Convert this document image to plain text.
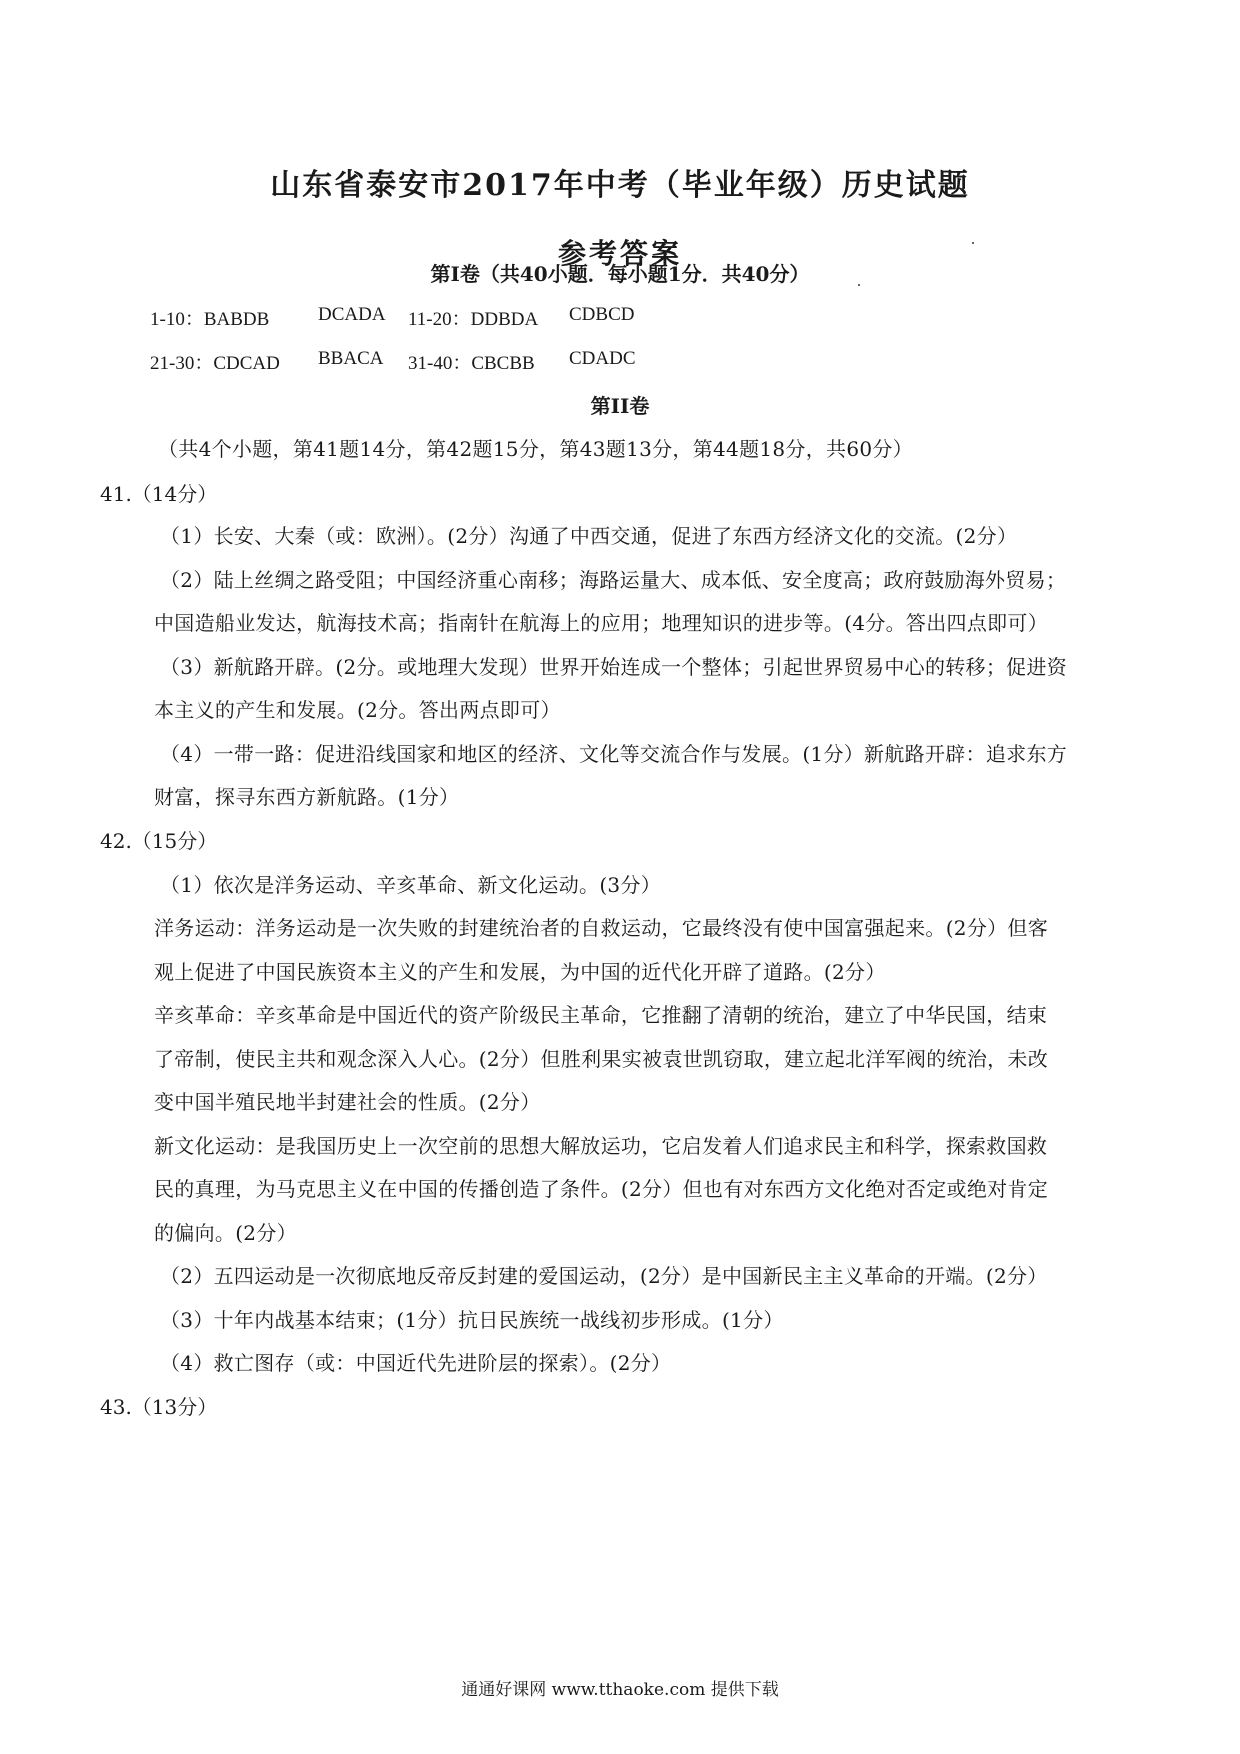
山东省泰安市2017年中考（毕业年级）历史试题
参考答案
第I卷（共40小题．每小题1分．共40分）
1-10：BABDB	DCADA 11-20：DDBDA CDBCD
21-30：CDCAD BBACA 31-40：CBCBB CDADC
第II卷
（共4个小题，第41题14分，第42题15分，第43题13分，第44题18分，共60分）
41.（14分）
（1）长安、大秦（或：欧洲）。(2分）沟通了中西交通，促进了东西方经济文化的交流。(2分）
（2）陆上丝绸之路受阻；中国经济重心南移；海路运量大、成本低、安全度高；政府鼓励海外贸易；
中国造船业发达，航海技术高；指南针在航海上的应用；地理知识的进步等。(4分。答出四点即可）
（3）新航路开辟。(2分。或地理大发现）世界开始连成一个整体；引起世界贸易中心的转移；促进资
本主义的产生和发展。(2分。答出两点即可）
（4）一带一路：促进沿线国家和地区的经济、文化等交流合作与发展。(1分）新航路开辟：追求东方
财富，探寻东西方新航路。(1分）
42.（15分）
（1）依次是洋务运动、辛亥革命、新文化运动。(3分）
洋务运动：洋务运动是一次失败的封建统治者的自救运动，它最终没有使中国富强起来。(2分）但客
观上促进了中国民族资本主义的产生和发展，为中国的近代化开辟了道路。(2分）
辛亥革命：辛亥革命是中国近代的资产阶级民主革命，它推翻了清朝的统治，建立了中华民国，结束
了帝制，使民主共和观念深入人心。(2分）但胜利果实被袁世凯窃取，建立起北洋军阀的统治，未改
变中国半殖民地半封建社会的性质。(2分）
新文化运动：是我国历史上一次空前的思想大解放运功，它启发着人们追求民主和科学，探索救国救
民的真理，为马克思主义在中国的传播创造了条件。(2分）但也有对东西方文化绝对否定或绝对肯定
的偏向。(2分）
（2）五四运动是一次彻底地反帝反封建的爱国运动，(2分）是中国新民主主义革命的开端。(2分）
（3）十年内战基本结束；(1分）抗日民族统一战线初步形成。(1分）
（4）救亡图存（或：中国近代先进阶层的探索）。(2分）
43.（13分）
通通好课网 www.tthaoke.com 提供下载
